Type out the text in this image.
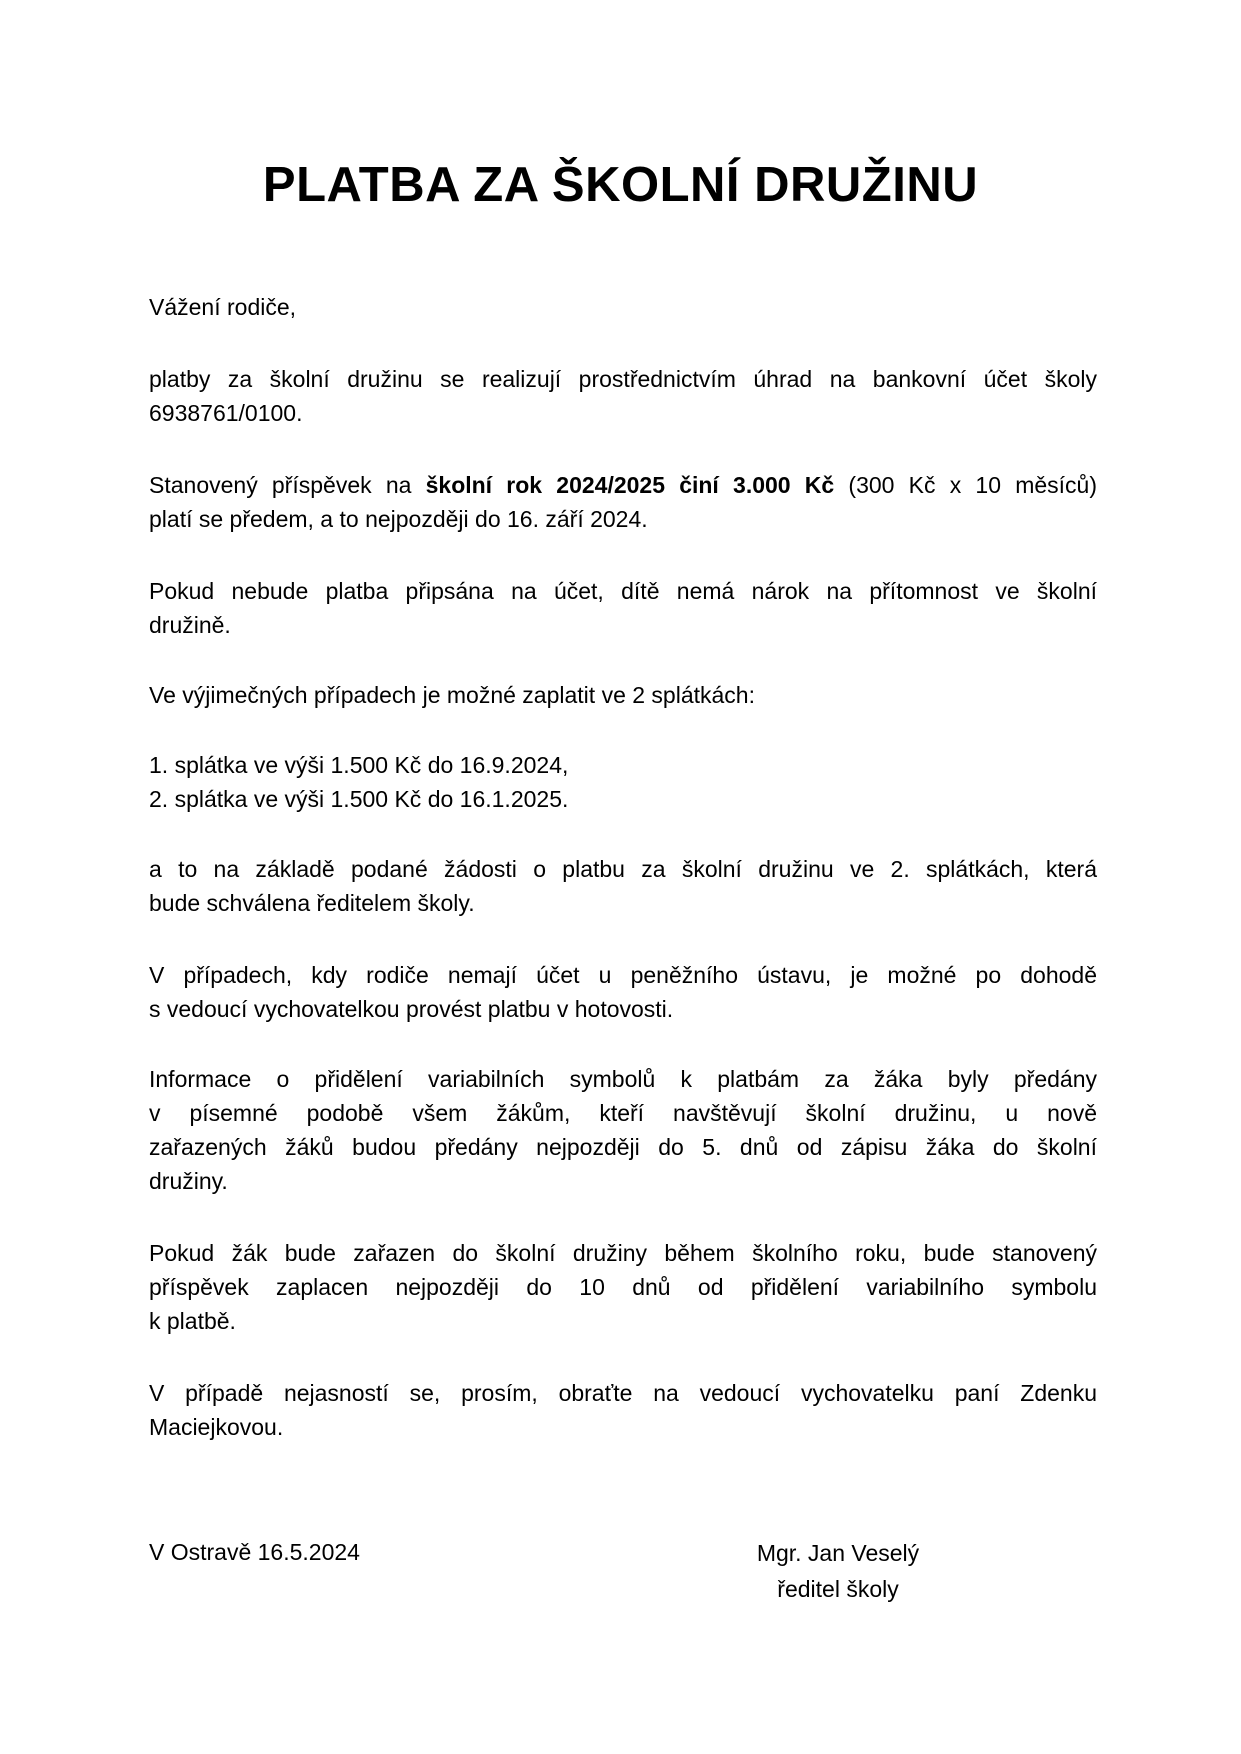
PLATBA ZA ŠKOLNÍ DRUŽINU
Vážení rodiče,
platby za školní družinu se realizují prostřednictvím úhrad na bankovní účet školy
6938761/0100.
Stanovený příspěvek na školní rok 2024/2025 činí 3.000 Kč (300 Kč x 10 měsíců)
platí se předem, a to nejpozději do 16. září 2024.
Pokud nebude platba připsána na účet, dítě nemá nárok na přítomnost ve školní
družině.
Ve výjimečných případech je možné zaplatit ve 2 splátkách:
1. splátka ve výši 1.500 Kč do 16.9.2024,
2. splátka ve výši 1.500 Kč do 16.1.2025.
a to na základě podané žádosti o platbu za školní družinu ve 2. splátkách, která
bude schválena ředitelem školy.
V případech, kdy rodiče nemají účet u peněžního ústavu, je možné po dohodě
s vedoucí vychovatelkou provést platbu v hotovosti.
Informace o přidělení variabilních symbolů k platbám za žáka byly předány
v písemné podobě všem žákům, kteří navštěvují školní družinu, u nově
zařazených žáků budou předány nejpozději do 5. dnů od zápisu žáka do školní
družiny.
Pokud žák bude zařazen do školní družiny během školního roku, bude stanovený
příspěvek zaplacen nejpozději do 10 dnů od přidělení variabilního symbolu
k platbě.
V případě nejasností se, prosím, obraťte na vedoucí vychovatelku paní Zdenku
Maciejkovou.
V Ostravě 16.5.2024	Mgr. Jan Veselý
ředitel školy
